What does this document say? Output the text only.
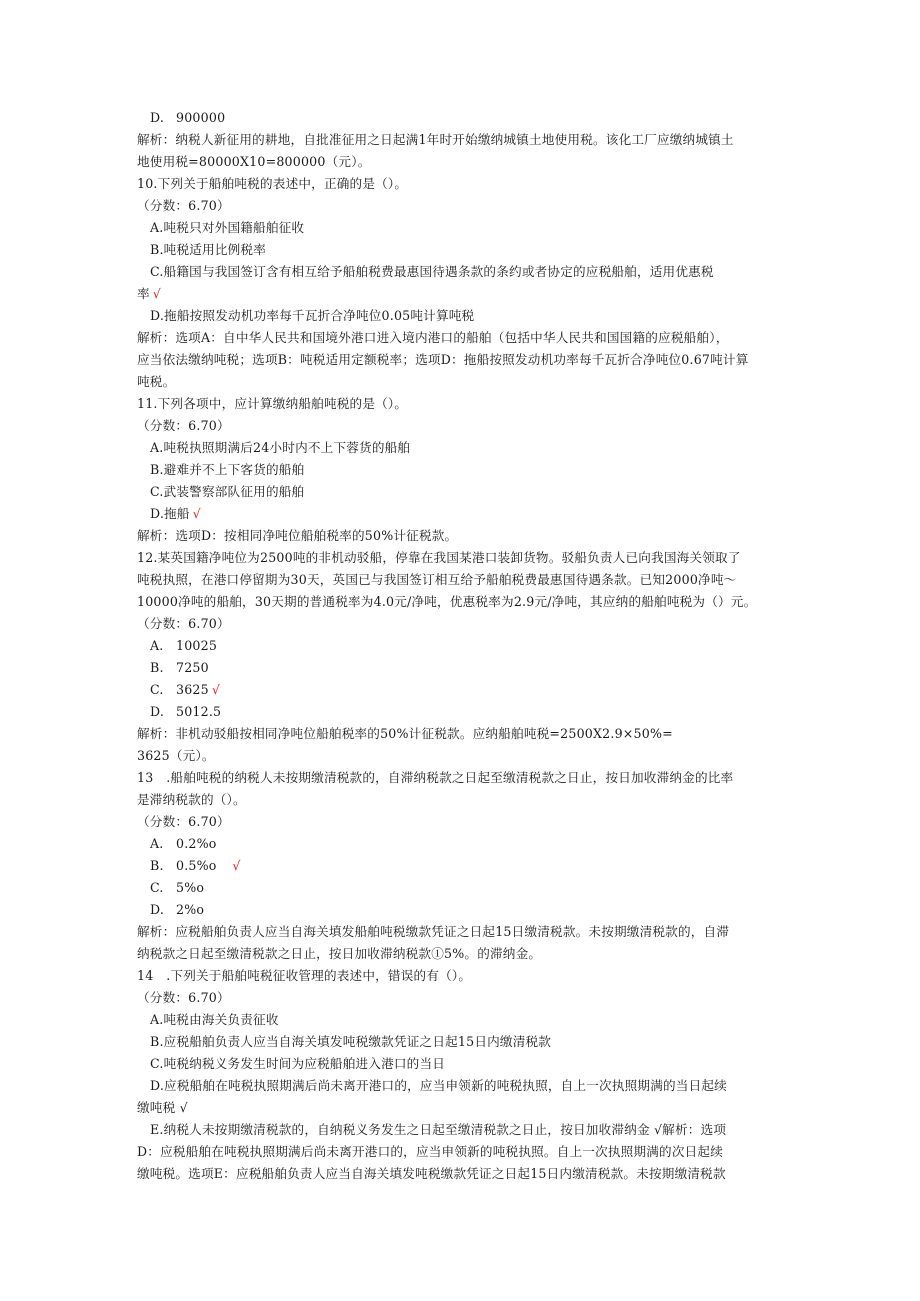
D. 900000
解析：纳税人新征用的耕地，自批准征用之日起满1年时开始缴纳城镇土地使用税。该化工厂应缴纳城镇土
地使用税=80000X10=800000（元）。
10.下列关于船舶吨税的表述中，正确的是（）。
（分数：6.70）
A.吨税只对外国籍船舶征收
B.吨税适用比例税率
C.船籍国与我国签订含有相互给予船舶税费最惠国待遇条款的条约或者协定的应税船舶，适用优惠税
率 √
D.拖船按照发动机功率每千瓦折合净吨位0.05吨计算吨税
解析：选项A：自中华人民共和国境外港口进入境内港口的船舶（包括中华人民共和国国籍的应税船舶），
应当依法缴纳吨税；选项B：吨税适用定额税率；选项D：拖船按照发动机功率每千瓦折合净吨位0.67吨计算
吨税。
11.下列各项中，应计算缴纳船舶吨税的是（）。
（分数：6.70）
A.吨税执照期满后24小时内不上下蓉货的船舶
B.避难并不上下客货的船舶
C.武装警察部队征用的船舶
D.拖船 √
解析：选项D：按相同净吨位船舶税率的50%计征税款。
12.某英国籍净吨位为2500吨的非机动驳船，停靠在我国某港口装卸货物。驳船负责人已向我国海关领取了
吨税执照，在港口停留期为30天，英国已与我国签订相互给予船舶税费最惠国待遇条款。已知2000净吨～
10000净吨的船舶，30天期的普通税率为4.0元/净吨，优惠税率为2.9元/净吨，其应纳的船舶吨税为（）元。
（分数：6.70）
A. 10025
B. 7250
C. 3625 √
D. 5012.5
解析：非机动驳船按相同净吨位船舶税率的50%计征税款。应纳船舶吨税=2500X2.9×50%=
3625（元）。
13　.船舶吨税的纳税人未按期缴清税款的，自滞纳税款之日起至缴清税款之日止，按日加收滞纳金的比率
是滞纳税款的（）。
（分数：6.70）
A. 0.2%o
B. 0.5%o　√
C. 5%o
D. 2%o
解析：应税船舶负责人应当自海关填发船舶吨税缴款凭证之日起15日缴清税款。未按期缴清税款的，自滞
纳税款之日起至缴清税款之日止，按日加收滞纳税款①5%。的滞纳金。
14　.下列关于船舶吨税征收管理的表述中，错误的有（）。
（分数：6.70）
A.吨税由海关负责征收
B.应税船舶负责人应当自海关填发吨税缴款凭证之日起15日内缴清税款
C.吨税纳税义务发生时间为应税船舶进入港口的当日
D.应税船舶在吨税执照期满后尚未离开港口的，应当申领新的吨税执照，自上一次执照期满的当日起续
缴吨税 √
E.纳税人未按期缴清税款的，自纳税义务发生之日起至缴清税款之日止，按日加收滞纳金 √解析：选项
D：应税船舶在吨税执照期满后尚未离开港口的，应当申领新的吨税执照。自上一次执照期满的次日起续
缴吨税。选项E：应税船舶负责人应当自海关填发吨税缴款凭证之日起15日内缴清税款。未按期缴清税款
